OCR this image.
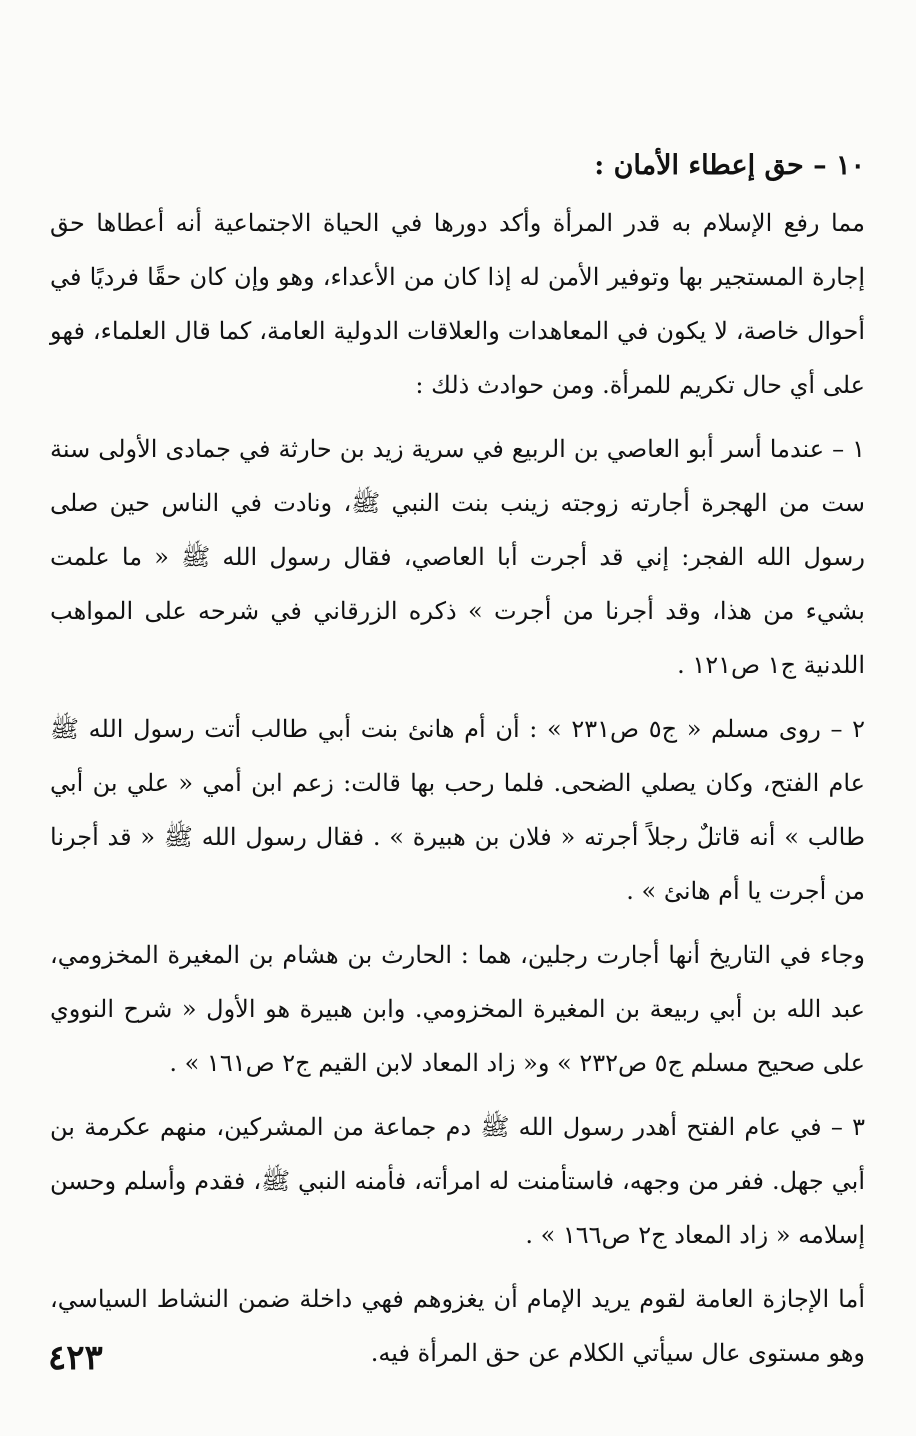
١٠ – حق إعطاء الأمان :

مما رفع الإسلام به قدر المرأة وأكد دورها في الحياة الاجتماعية أنه أعطاها حق إجارة المستجير بها وتوفير الأمن له إذا كان من الأعداء، وهو وإن كان حقًا فرديًا في أحوال خاصة، لا يكون في المعاهدات والعلاقات الدولية العامة، كما قال العلماء، فهو على أي حال تكريم للمرأة. ومن حوادث ذلك :

١ – عندما أسر أبو العاصي بن الربيع في سرية زيد بن حارثة في جمادى الأولى سنة ست من الهجرة أجارته زوجته زينب بنت النبي ﷺ، ونادت في الناس حين صلى رسول الله الفجر: إني قد أجرت أبا العاصي، فقال رسول الله ﷺ « ما علمت بشيء من هذا، وقد أجرنا من أجرت » ذكره الزرقاني في شرحه على المواهب اللدنية ج١ ص١٢١ .

٢ – روى مسلم « ج٥ ص٢٣١ » : أن أم هانئ بنت أبي طالب أتت رسول الله ﷺ عام الفتح، وكان يصلي الضحى. فلما رحب بها قالت: زعم ابن أمي « علي بن أبي طالب » أنه قاتلٌ رجلاً أجرته « فلان بن هبيرة » . فقال رسول الله ﷺ « قد أجرنا من أجرت يا أم هانئ » .

وجاء في التاريخ أنها أجارت رجلين، هما : الحارث بن هشام بن المغيرة المخزومي، عبد الله بن أبي ربيعة بن المغيرة المخزومي. وابن هبيرة هو الأول « شرح النووي على صحيح مسلم ج٥ ص٢٣٢ » و« زاد المعاد لابن القيم ج٢ ص١٦١ » .

٣ – في عام الفتح أهدر رسول الله ﷺ دم جماعة من المشركين، منهم عكرمة بن أبي جهل. ففر من وجهه، فاستأمنت له امرأته، فأمنه النبي ﷺ، فقدم وأسلم وحسن إسلامه « زاد المعاد ج٢ ص١٦٦ » .

أما الإجازة العامة لقوم يريد الإمام أن يغزوهم فهي داخلة ضمن النشاط السياسي، وهو مستوى عال سيأتي الكلام عن حق المرأة فيه.

٤٢٣
